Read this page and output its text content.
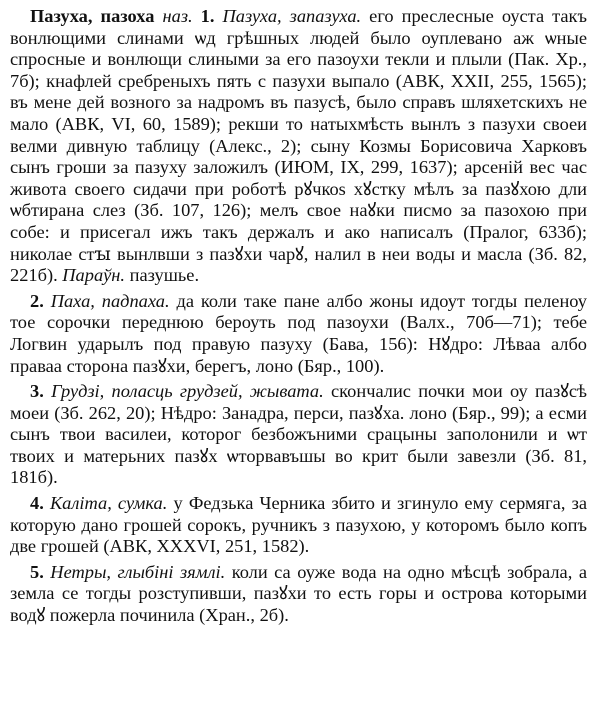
Пазуха, пазоха наз. 1. Пазуха, запазуха. его преслесные оуста такъ вонлющими слинами ѡд грѣшных людей было оуплевано аж ѡные спросные и вонлющи слиными за его пазоухи текли и плыли (Пак. Хр., 7б); кнафлей сребреныхъ пять с пазухи выпало (АВК, XXII, 255, 1565); въ мене дей возного за надромъ въ пазусѣ, было справъ шляхетскихъ не мало (АВК, VI, 60, 1589); рекши то натыхмѣсть вынлъ з пазухи своеи велми дивную таблицу (Алекс., 2); сыну Козмы Борисовича Харковъ сынъ гроши за пазуху заложилъ (ИЮМ, IX, 299, 1637); арсеній вес час живота своего сидачи при роботѣ рꙋчкоѕ хꙋстку мѣлъ за пазꙋхою дли ѡбтирана слез (Зб. 107, 126); мелъ свое наꙋки писмо за пазохою при собе: и присегал ижъ такъ держалъ и ако написалъ (Пралог, 633б); николае стꙑ вынлвши з пазꙋхи чарꙋ, налил в неи воды и масла (Зб. 82, 221б). Параўн. пазушье.

2. Паха, падпаха. да коли таке пане албо жоны идоут тогды пеленоу тое сорочки переднюю бероуть под пазоухи (Валх., 70б—71); тебе Логвин ударылъ под правую пазуху (Бава, 156): Нꙋдро: Лѣваа албо праваа сторона пазꙋхи, берегъ, лоно (Бяр., 100).

3. Грудзі, поласць грудзей, жывата. скончалис почки мои оу пазꙋсѣ моеи (Зб. 262, 20); Нѣдро: Занадра, перси, пазꙋха. лоно (Бяр., 99); а есми сынъ твои василеи, которог безбожъними срацыны заполонили и ѡт твоих и матерьних пазꙋх ѡторвавъшы во крит были завезли (Зб. 81, 181б).

4. Каліта, сумка. у Федзька Черника збито и згинуло ему сермяга, за которую дано грошей сорокъ, ручникъ з пазухою, у которомъ было копъ две грошей (АВК, XXXVI, 251, 1582).

5. Нетры, глыбіні зямлі. коли са оуже вода на одно мѣсцѣ зобрала, а земла се тогды розступивши, пазꙋхи то есть горы и острова которыми водꙋ пожерла починила (Хран., 2б).
